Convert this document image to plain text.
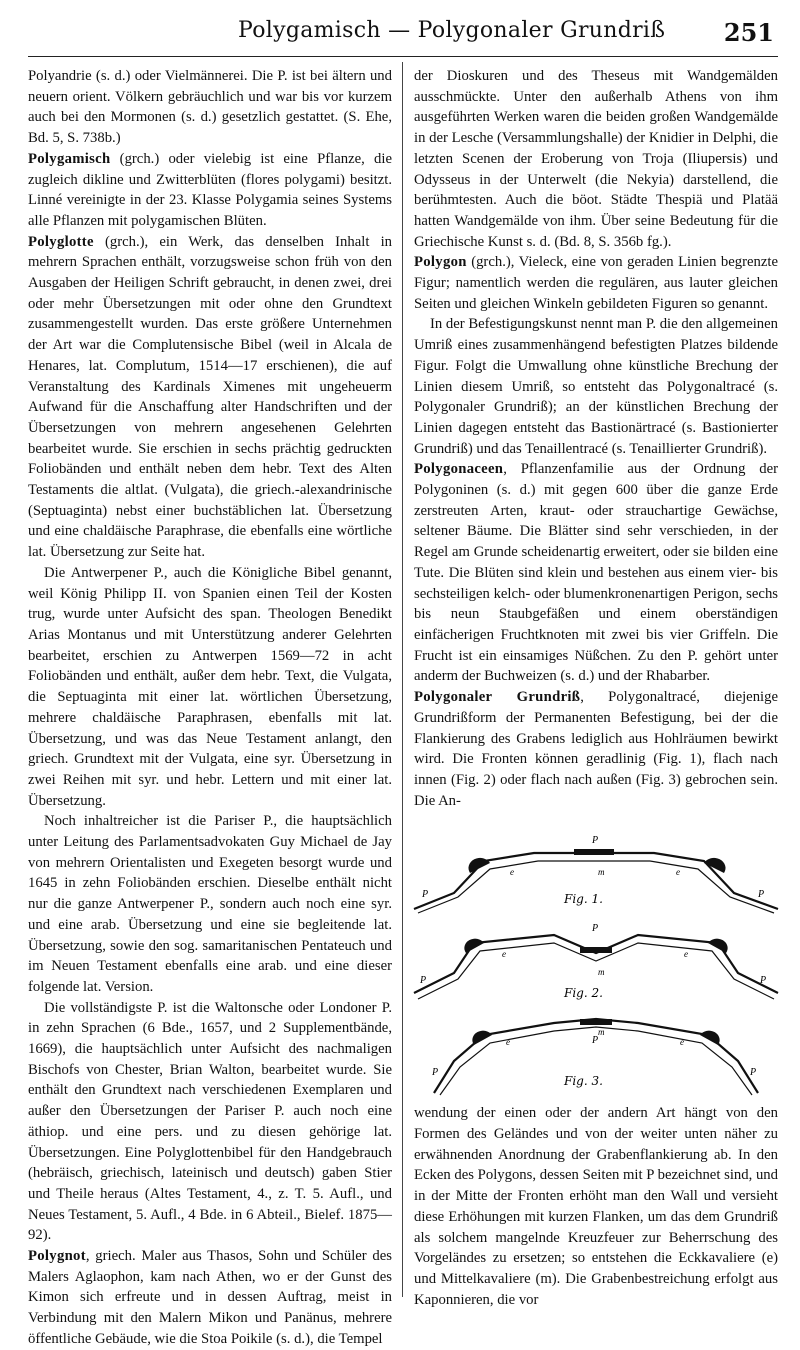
Polygamisch — Polygonaler Grundriß 251

Polyandrie (s. d.) oder Vielmännerei. Die P. ist bei ältern und neuern orient. Völkern gebräuchlich und war bis vor kurzem auch bei den Mormonen (s. d.) gesetzlich gestattet. (S. Ehe, Bd. 5, S. 738b.)

Polygamisch (grch.) oder vielebig ist eine Pflanze, die zugleich dikline und Zwitterblüten (flores polygami) besitzt. Linné vereinigte in der 23. Klasse Polygamia seines Systems alle Pflanzen mit polygamischen Blüten.

Polyglotte (grch.), ein Werk, das denselben Inhalt in mehrern Sprachen enthält, vorzugsweise schon früh von den Ausgaben der Heiligen Schrift gebraucht, in denen zwei, drei oder mehr Übersetzungen mit oder ohne den Grundtext zusammengestellt wurden. Das erste größere Unternehmen der Art war die Complutensische Bibel (weil in Alcala de Henares, lat. Complutum, 1514—17 erschienen), die auf Veranstaltung des Kardinals Ximenes mit ungeheuerm Aufwand für die Anschaffung alter Handschriften und der Übersetzungen von mehrern angesehenen Gelehrten bearbeitet wurde. Sie erschien in sechs prächtig gedruckten Foliobänden und enthält neben dem hebr. Text des Alten Testaments die altlat. (Vulgata), die griech.-alexandrinische (Septuaginta) nebst einer buchstäblichen lat. Übersetzung und eine chaldäische Paraphrase, die ebenfalls eine wörtliche lat. Übersetzung zur Seite hat.

Die Antwerpener P., auch die Königliche Bibel genannt, weil König Philipp II. von Spanien einen Teil der Kosten trug, wurde unter Aufsicht des span. Theologen Benedikt Arias Montanus und mit Unterstützung anderer Gelehrten bearbeitet, erschien zu Antwerpen 1569—72 in acht Foliobänden und enthält, außer dem hebr. Text, die Vulgata, die Septuaginta mit einer lat. wörtlichen Übersetzung, mehrere chaldäische Paraphrasen, ebenfalls mit lat. Übersetzung, und was das Neue Testament anlangt, den griech. Grundtext mit der Vulgata, eine syr. Übersetzung in zwei Reihen mit syr. und hebr. Lettern und mit einer lat. Übersetzung.

Noch inhaltreicher ist die Pariser P., die hauptsächlich unter Leitung des Parlamentsadvokaten Guy Michael de Jay von mehrern Orientalisten und Exegeten besorgt wurde und 1645 in zehn Foliobänden erschien. Dieselbe enthält nicht nur die ganze Antwerpener P., sondern auch noch eine syr. und eine arab. Übersetzung und eine sie begleitende lat. Übersetzung, sowie den sog. samaritanischen Pentateuch und im Neuen Testament ebenfalls eine arab. und eine dieser folgende lat. Version.

Die vollständigste P. ist die Waltonsche oder Londoner P. in zehn Sprachen (6 Bde., 1657, und 2 Supplementbände, 1669), die hauptsächlich unter Aufsicht des nachmaligen Bischofs von Chester, Brian Walton, bearbeitet wurde. Sie enthält den Grundtext nach verschiedenen Exemplaren und außer den Übersetzungen der Pariser P. auch noch eine äthiop. und eine pers. und zu diesen gehörige lat. Übersetzungen. Eine Polyglottenbibel für den Handgebrauch (hebräisch, griechisch, lateinisch und deutsch) gaben Stier und Theile heraus (Altes Testament, 4., z. T. 5. Aufl., und Neues Testament, 5. Aufl., 4 Bde. in 6 Abteil., Bielef. 1875—92).

Polygnot, griech. Maler aus Thasos, Sohn und Schüler des Malers Aglaophon, kam nach Athen, wo er der Gunst des Kimon sich erfreute und in dessen Auftrag, meist in Verbindung mit den Malern Mikon und Panänus, mehrere öffentliche Gebäude, wie die Stoa Poikile (s. d.), die Tempel

der Dioskuren und des Theseus mit Wandgemälden ausschmückte. Unter den außerhalb Athens von ihm ausgeführten Werken waren die beiden großen Wandgemälde in der Lesche (Versammlungshalle) der Knidier in Delphi, die letzten Scenen der Eroberung von Troja (Iliupersis) und Odysseus in der Unterwelt (die Nekyia) darstellend, die berühmtesten. Auch die böot. Städte Thespiä und Platää hatten Wandgemälde von ihm. Über seine Bedeutung für die Griechische Kunst s. d. (Bd. 8, S. 356b fg.).

Polygon (grch.), Vieleck, eine von geraden Linien begrenzte Figur; namentlich werden die regulären, aus lauter gleichen Seiten und gleichen Winkeln gebildeten Figuren so genannt.

In der Befestigungskunst nennt man P. die den allgemeinen Umriß eines zusammenhängend befestigten Platzes bildende Figur. Folgt die Umwallung ohne künstliche Brechung der Linien diesem Umriß, so entsteht das Polygonaltracé (s. Polygonaler Grundriß); an der künstlichen Brechung der Linien dagegen entsteht das Bastionärtracé (s. Bastionierter Grundriß) und das Tenaillentracé (s. Tenaillierter Grundriß).

Polygonaceen, Pflanzenfamilie aus der Ordnung der Polygoninen (s. d.) mit gegen 600 über die ganze Erde zerstreuten Arten, kraut- oder strauchartige Gewächse, seltener Bäume. Die Blätter sind sehr verschieden, in der Regel am Grunde scheidenartig erweitert, oder sie bilden eine Tute. Die Blüten sind klein und bestehen aus einem vier- bis sechsteiligen kelch- oder blumenkronenartigen Perigon, sechs bis neun Staubgefäßen und einem oberständigen einfächerigen Fruchtknoten mit zwei bis vier Griffeln. Die Frucht ist ein einsamiges Nüßchen. Zu den P. gehört unter anderm der Buchweizen (s. d.) und der Rhabarber.

Polygonaler Grundriß, Polygonaltracé, diejenige Grundrißform der Permanenten Befestigung, bei der die Flankierung des Grabens lediglich aus Hohlräumen bewirkt wird. Die Fronten können geradlinig (Fig. 1), flach nach innen (Fig. 2) oder flach nach außen (Fig. 3) gebrochen sein. Die An-

P
m
e	e
P	P
Fig. 1.
P
m
e	e
P	P
Fig. 2.
P
m
e	e
P	P
Fig. 3.

wendung der einen oder der andern Art hängt von den Formen des Geländes und von der weiter unten näher zu erwähnenden Anordnung der Grabenflankierung ab. In den Ecken des Polygons, dessen Seiten mit P bezeichnet sind, und in der Mitte der Fronten erhöht man den Wall und versieht diese Erhöhungen mit kurzen Flanken, um das dem Grundriß als solchem mangelnde Kreuzfeuer zur Beherrschung des Vorgeländes zu ersetzen; so entstehen die Eckkavaliere (e) und Mittelkavaliere (m). Die Grabenbestreichung erfolgt aus Kaponnieren, die vor
